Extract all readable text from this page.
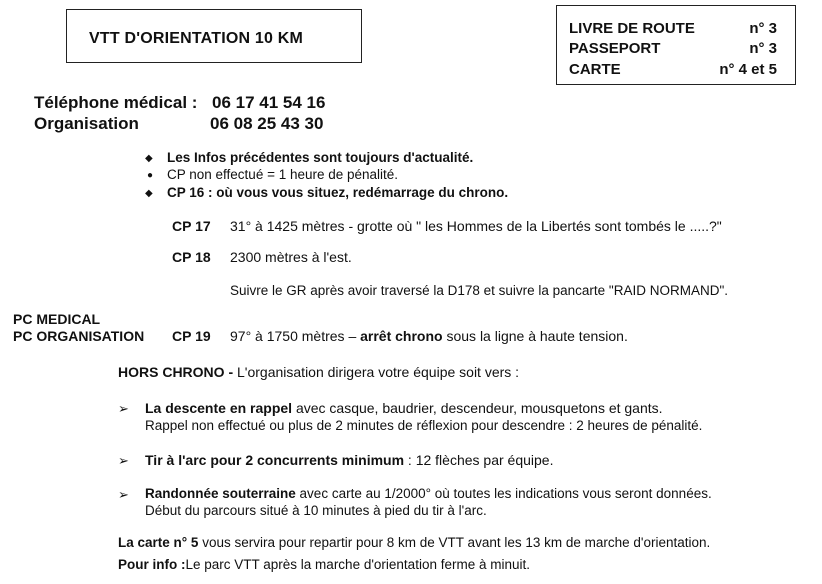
VTT D'ORIENTATION 10 KM
LIVRE DE ROUTE	n° 3
PASSEPORT	n° 3
CARTE	n° 4 et 5
Téléphone médical : 06 17 41 54 16
Organisation	06 08 25 43 30
◆ Les Infos précédentes sont toujours d'actualité.
● CP non effectué = 1 heure de pénalité.
◆ CP 16 : où vous vous situez, redémarrage du chrono.
CP 17 31° à 1425 mètres - grotte où " les Hommes de la Libertés sont tombés le .....?"
CP 18 2300 mètres à l'est.
Suivre le GR après avoir traversé la D178 et suivre la pancarte "RAID NORMAND".
PC MEDICAL
PC ORGANISATION CP 19 97° à 1750 mètres – arrêt chrono sous la ligne à haute tension.
HORS CHRONO - L'organisation dirigera votre équipe soit vers :
➢ La descente en rappel avec casque, baudrier, descendeur, mousquetons et gants.
Rappel non effectué ou plus de 2 minutes de réflexion pour descendre : 2 heures de pénalité.
➢ Tir à l'arc pour 2 concurrents minimum : 12 flèches par équipe.
➢ Randonnée souterraine avec carte au 1/2000° où toutes les indications vous seront données.
Début du parcours situé à 10 minutes à pied du tir à l'arc.
La carte n° 5 vous servira pour repartir pour 8 km de VTT avant les 13 km de marche d'orientation.
Pour info :Le parc VTT après la marche d'orientation ferme à minuit.
